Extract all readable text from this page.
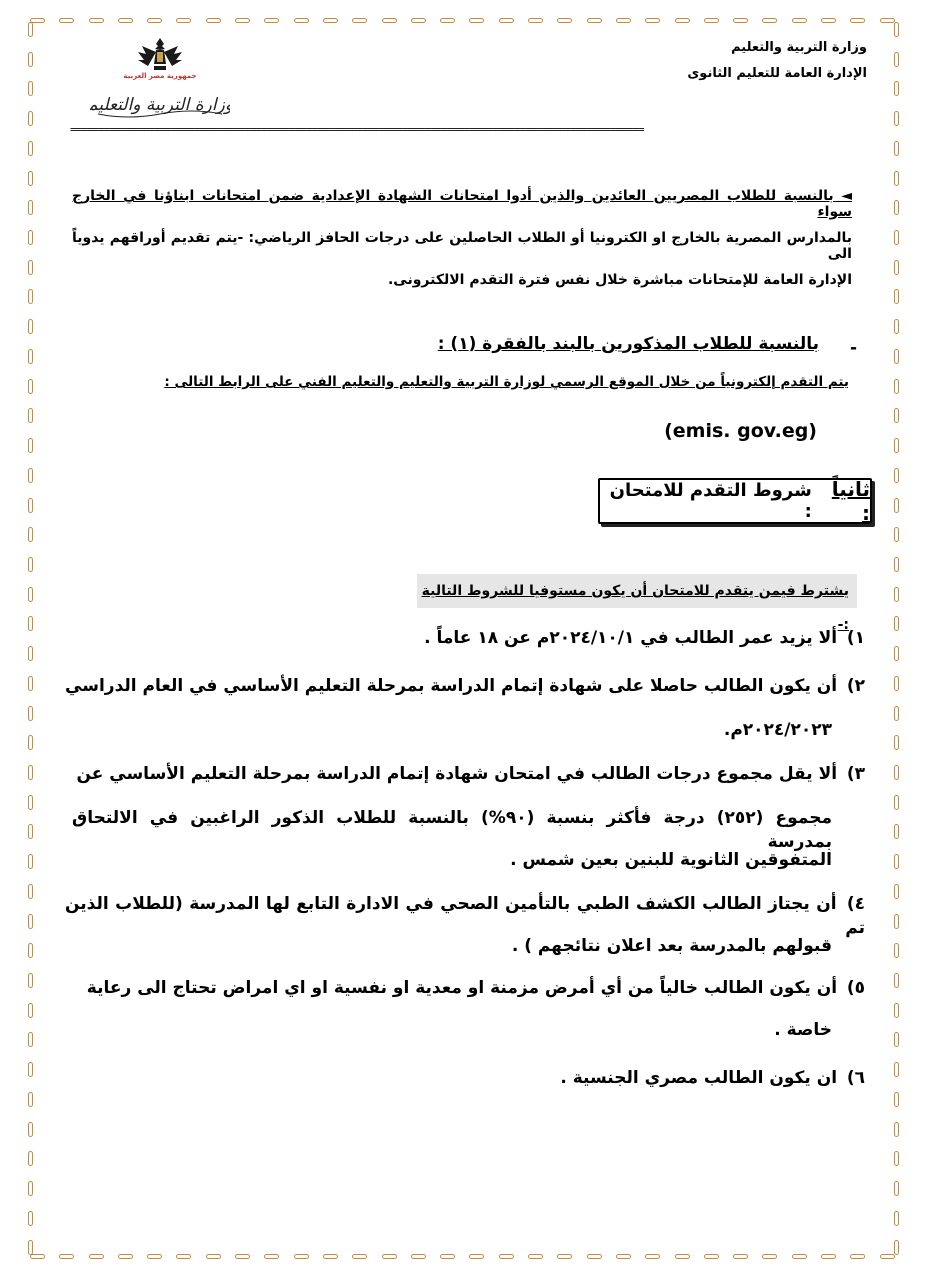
وزارة التربية والتعليم
الإدارة العامة للتعليم الثانوى
جمهورية مصر العربية
وزارة التربية والتعليم
======================================================================================================
◄ بالنسبة للطلاب المصريين العائدين والذين أدوا امتحانات الشهادة الإعدادية ضمن امتحانات ابناؤنا في الخارج سواء
بالمدارس المصرية بالخارج او الكترونيا أو الطلاب الحاصلين على درجات الحافز الرياضي: -يتم تقديم أوراقهم يدوياً الى
الإدارة العامة للإمتحانات مباشرة خلال نفس فترة التقدم الالكترونى.
-
بالنسبة للطلاب المذكورين بالبند بالفقرة (١) :
يتم التقدم إلكترونياً من خلال الموقع الرسمي لوزارة التربية والتعليم والتعليم الفني على الرابط التالى :
(emis. gov.eg)
ثانياً :
شروط التقدم للامتحان :
يشترط فيمن يتقدم للامتحان أن يكون مستوفيا للشروط التالية :-
١) ألا يزيد عمر الطالب في ٢٠٢٤/١٠/١م عن ١٨ عاماً .
٢) أن يكون الطالب حاصلا على شهادة إتمام الدراسة بمرحلة التعليم الأساسي في العام الدراسي
٢٠٢٤/٢٠٢٣م.
٣) ألا يقل مجموع درجات الطالب في امتحان شهادة إتمام الدراسة بمرحلة التعليم الأساسي عن
مجموع (٢٥٢) درجة فأكثر بنسبة (٩٠%) بالنسبة للطلاب الذكور الراغبين في الالتحاق بمدرسة
المتفوقين الثانوية للبنين بعين شمس .
٤) أن يجتاز الطالب الكشف الطبي بالتأمين الصحي في الادارة التابع لها المدرسة (للطلاب الذين تم
قبولهم بالمدرسة بعد اعلان نتائجهم ) .
٥) أن يكون الطالب خالياً من أي أمرض مزمنة او معدية او نفسية او اي امراض تحتاج الى رعاية
خاصة .
٦) ان يكون الطالب مصري الجنسية .
